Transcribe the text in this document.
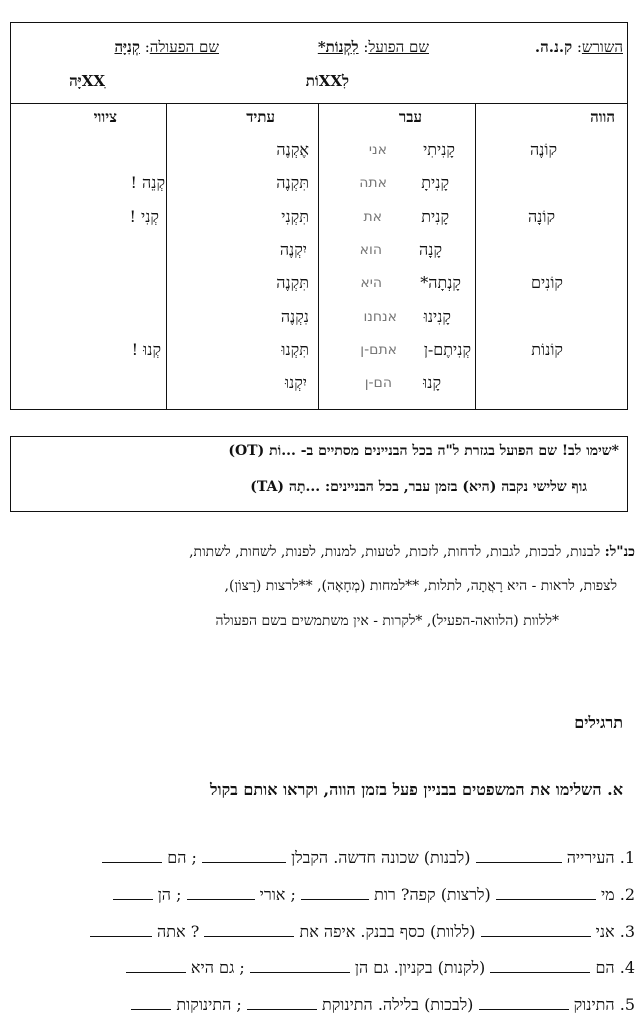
השורש: ק.נ.ה.
שם הפועל: לִקְנוֹת*
לִXXוֹת
שם הפעולה: קְנִיָּה
XXִיָּה
הווה
עבר
עתיד
ציווי
קוֹנֶה
קוֹנָה
קוֹנִים
קוֹנוֹת
קָנִיתִי
קָנִיתָ
קָנִית
קָנָה
קָנְתָה*
קָנִינוּ
קְנִיתֶם-ן
קָנוּ
אני
אתה
את
הוא
היא
אנחנו
אתם-ן
הם-ן
אֶקְנֶה
תִּקְנֶה
תִּקְנִי
יִקְנֶה
תִּקְנֶה
נִקְנֶה
תִּקְנוּ
יִקְנוּ
קְנֵה !
קְנִי !
קְנוּ !
*שימו לב! שם הפועל בגזרת ל"ה בכל הבניינים מסתיים ב- ...וֹת (OT)
גוף שלישי נקבה (היא) בזמן עבר, בכל הבניינים: ...תָה (TA)
כנ"ל: לבנות, לבכות, לגבות, לדחות, לזכות, לטעות, למנות, לפנות, לשחות, לשתות,
לצפות, לראות - היא רָאֲתָה, לתלות, **למחות (מְחָאָה), **לרצות (רָצוֹן),
*ללוות (הלוואה-הפעיל), *לקרות - אין משתמשים בשם הפעולה
תרגילים
א. השלימו את המשפטים בבניין פעל בזמן הווה, וקראו אותם בקול
1. העירייה  (לבנות) שכונה חדשה. הקבלן  ; הם
2. מי  (לרצות) קפה? רות  ; אורי  ; הן
3. אני  (ללוות) כסף בבנק. איפה את  ? אתה
4. הם  (לקנות) בקניון. גם הן  ; גם היא
5. התינוק  (לבכות) בלילה. התינוקת  ; התינוקות
